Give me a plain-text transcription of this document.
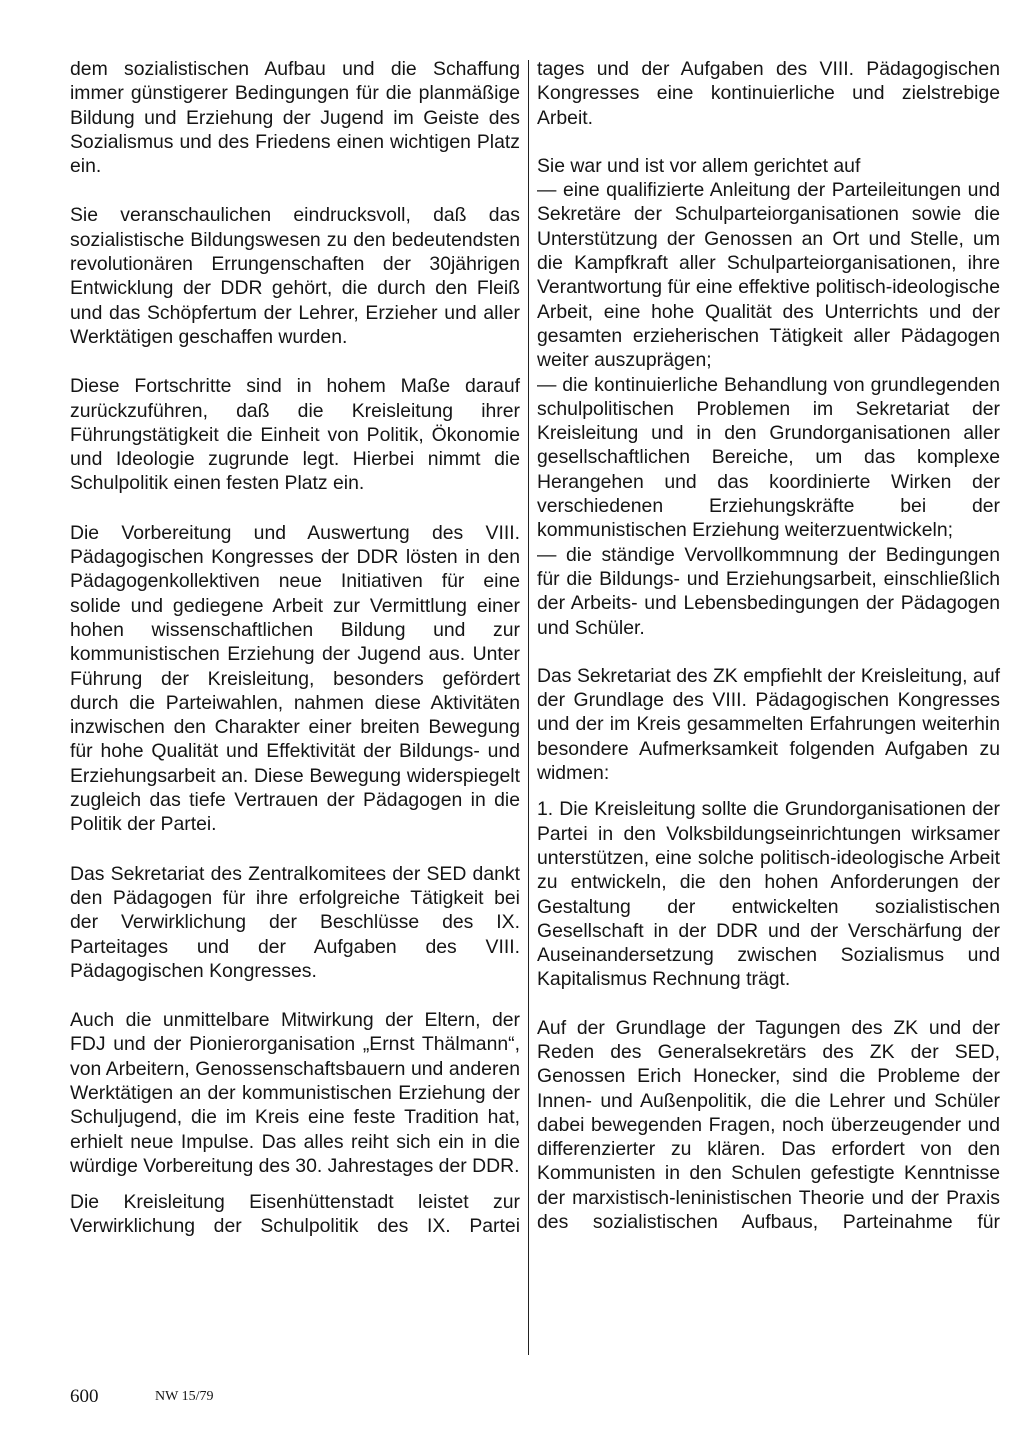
dem sozialistischen Aufbau und die Schaffung immer günstigerer Bedingungen für die planmäßige Bildung und Erziehung der Jugend im Geiste des Sozialismus und des Friedens einen wichtigen Platz ein.

Sie veranschaulichen eindrucksvoll, daß das sozialistische Bildungswesen zu den bedeutendsten revolutionären Errungenschaften der 30jährigen Entwicklung der DDR gehört, die durch den Fleiß und das Schöpfertum der Lehrer, Erzieher und aller Werktätigen geschaffen wurden.

Diese Fortschritte sind in hohem Maße darauf zurückzuführen, daß die Kreisleitung ihrer Führungstätigkeit die Einheit von Politik, Ökonomie und Ideologie zugrunde legt. Hierbei nimmt die Schulpolitik einen festen Platz ein.

Die Vorbereitung und Auswertung des VIII. Pädagogischen Kongresses der DDR lösten in den Pädagogenkollektiven neue Initiativen für eine solide und gediegene Arbeit zur Vermittlung einer hohen wissenschaftlichen Bildung und zur kommunistischen Erziehung der Jugend aus. Unter Führung der Kreisleitung, besonders gefördert durch die Parteiwahlen, nahmen diese Aktivitäten inzwischen den Charakter einer breiten Bewegung für hohe Qualität und Effektivität der Bildungs- und Erziehungsarbeit an. Diese Bewegung widerspiegelt zugleich das tiefe Vertrauen der Pädagogen in die Politik der Partei.

Das Sekretariat des Zentralkomitees der SED dankt den Pädagogen für ihre erfolgreiche Tätigkeit bei der Verwirklichung der Beschlüsse des IX. Parteitages und der Aufgaben des VIII. Pädagogischen Kongresses.

Auch die unmittelbare Mitwirkung der Eltern, der FDJ und der Pionierorganisation „Ernst Thälmann“, von Arbeitern, Genossenschaftsbauern und anderen Werktätigen an der kommunistischen Erziehung der Schuljugend, die im Kreis eine feste Tradition hat, erhielt neue Impulse. Das alles reiht sich ein in die würdige Vorbereitung des 30. Jahrestages der DDR.

Die Kreisleitung Eisenhüttenstadt leistet zur Verwirklichung der Schulpolitik des IX. Partei

tages und der Aufgaben des VIII. Pädagogischen Kongresses eine kontinuierliche und zielstrebige Arbeit.

Sie war und ist vor allem gerichtet auf

— eine qualifizierte Anleitung der Parteileitungen und Sekretäre der Schulparteiorganisationen sowie die Unterstützung der Genossen an Ort und Stelle, um die Kampfkraft aller Schulparteiorganisationen, ihre Verantwortung für eine effektive politisch-ideologische Arbeit, eine hohe Qualität des Unterrichts und der gesamten erzieherischen Tätigkeit aller Pädagogen weiter auszuprägen;

— die kontinuierliche Behandlung von grundlegenden schulpolitischen Problemen im Sekretariat der Kreisleitung und in den Grundorganisationen aller gesellschaftlichen Bereiche, um das komplexe Herangehen und das koordinierte Wirken der verschiedenen Erziehungskräfte bei der kommunistischen Erziehung weiterzuentwickeln;

— die ständige Vervollkommnung der Bedingungen für die Bildungs- und Erziehungsarbeit, einschließlich der Arbeits- und Lebensbedingungen der Pädagogen und Schüler.

Das Sekretariat des ZK empfiehlt der Kreisleitung, auf der Grundlage des VIII. Pädagogischen Kongresses und der im Kreis gesammelten Erfahrungen weiterhin besondere Aufmerksamkeit folgenden Aufgaben zu widmen:

1. Die Kreisleitung sollte die Grundorganisationen der Partei in den Volksbildungseinrichtungen wirksamer unterstützen, eine solche politisch-ideologische Arbeit zu entwickeln, die den hohen Anforderungen der Gestaltung der entwickelten sozialistischen Gesellschaft in der DDR und der Verschärfung der Auseinandersetzung zwischen Sozialismus und Kapitalismus Rechnung trägt.

Auf der Grundlage der Tagungen des ZK und der Reden des Generalsekretärs des ZK der SED, Genossen Erich Honecker, sind die Probleme der Innen- und Außenpolitik, die die Lehrer und Schüler dabei bewegenden Fragen, noch überzeugender und differenzierter zu klären. Das erfordert von den Kommunisten in den Schulen gefestigte Kenntnisse der marxistisch-leninistischen Theorie und der Praxis des sozialistischen Aufbaus, Parteinahme für

600	NW 15/79
